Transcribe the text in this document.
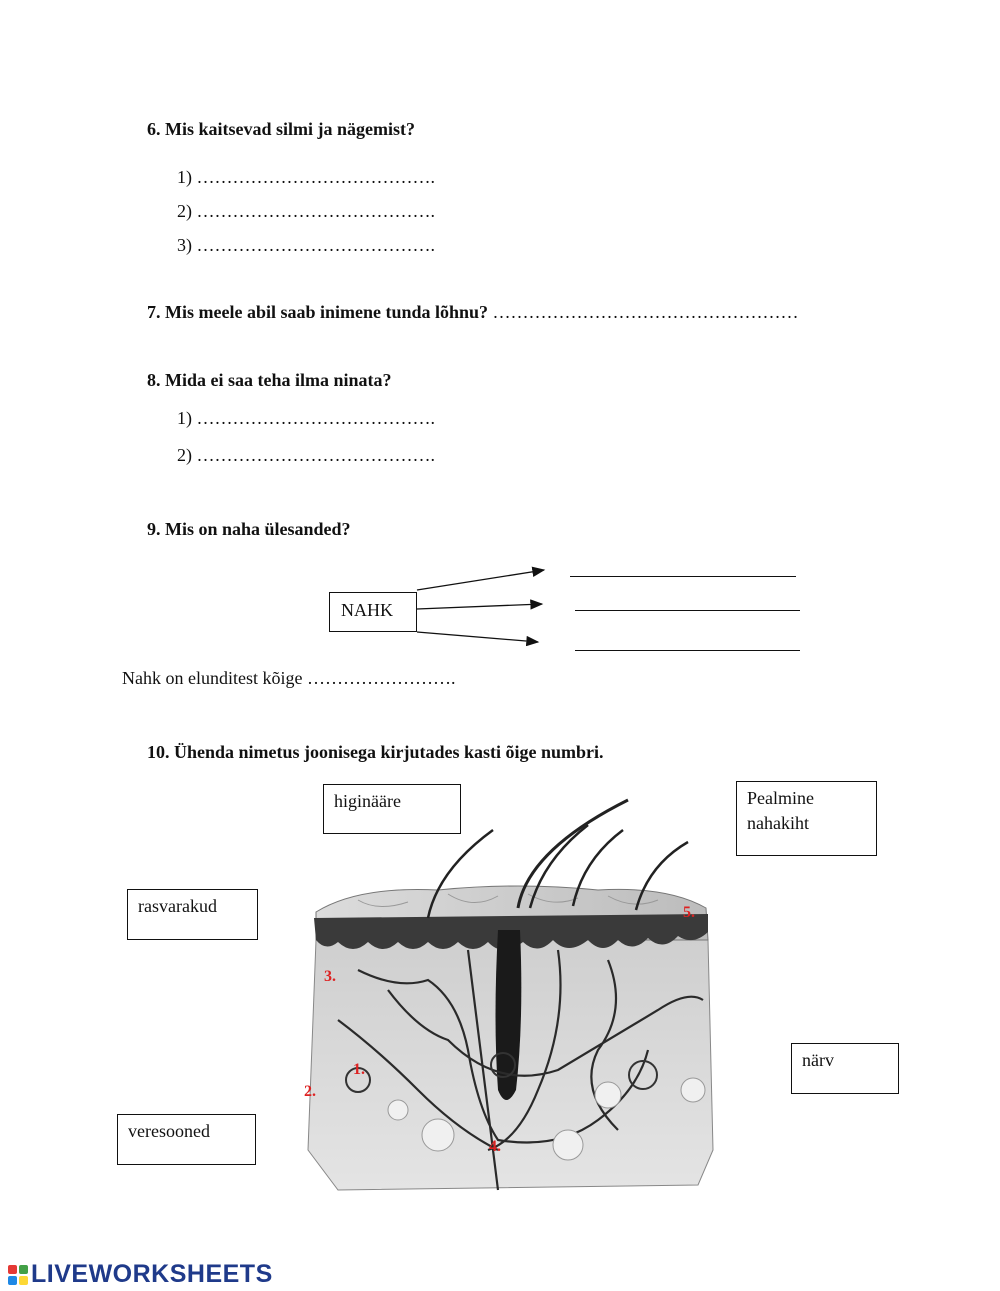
6. Mis kaitsevad silmi ja nägemist?
1) ………………………………….
2) ………………………………….
3) ………………………………….
7. Mis meele abil saab inimene tunda lõhnu? ……………………………………………
8. Mida ei saa teha ilma ninata?
1) ………………………………….
2) ………………………………….
9. Mis on naha ülesanded?
NAHK
Nahk on elunditest kõige …………………….
10. Ühenda nimetus joonisega kirjutades kasti õige numbri.
1.
2.
3.
4.
5.
higinääre	Pealmine nahakiht
rasvarakud
närv
veresooned
LIVEWORKSHEETS
